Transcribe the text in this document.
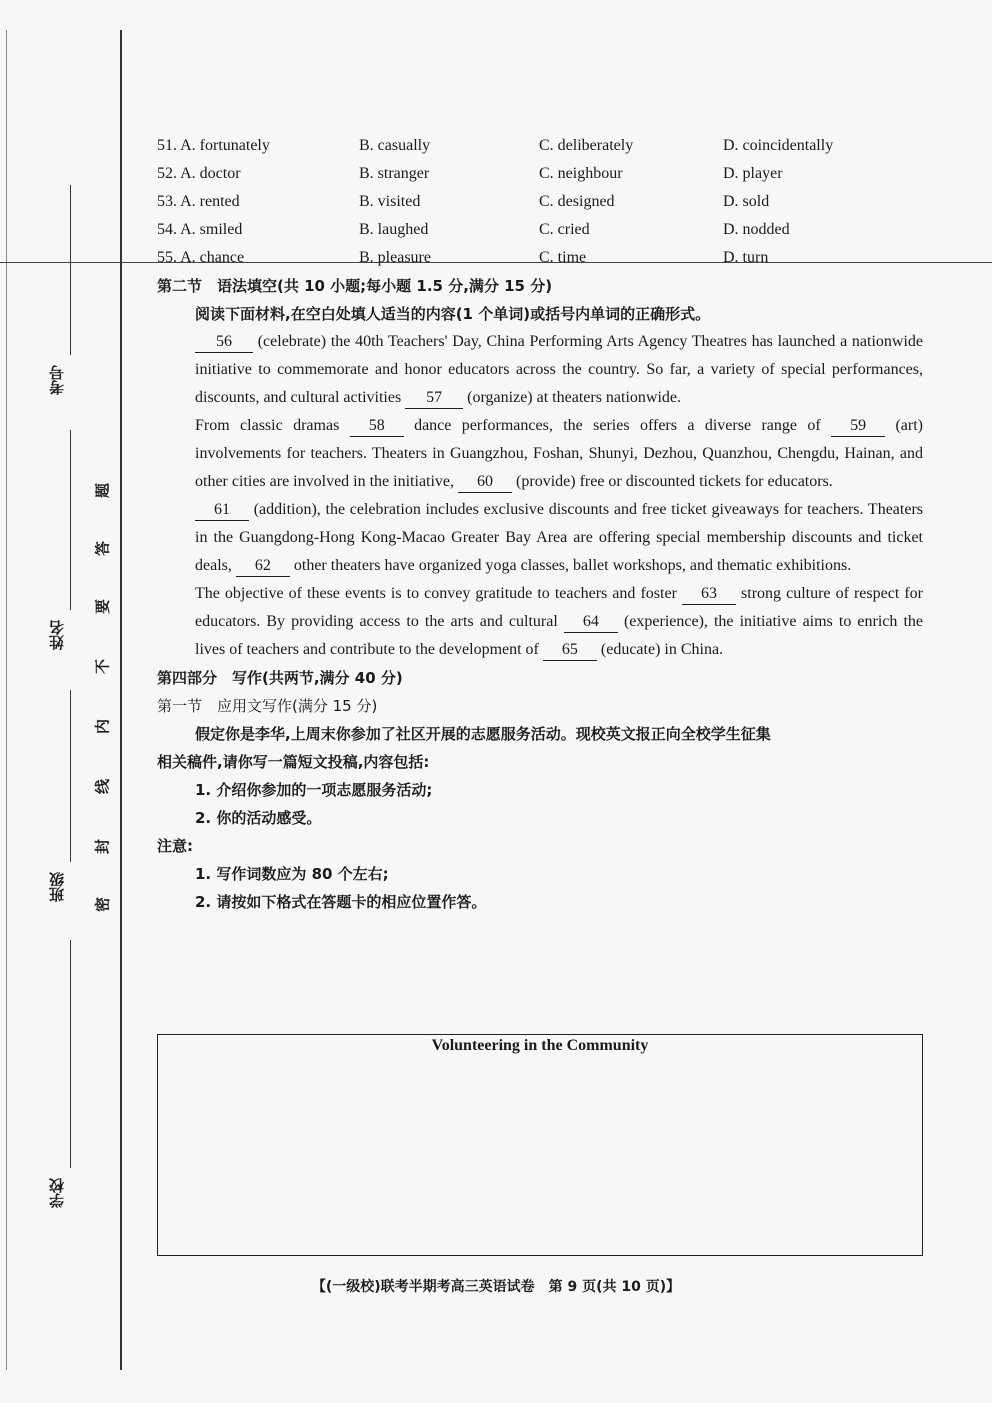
考号
姓名
班级
学校
题
答
要
不
内
线
封
密
51. A. fortunately	B. casually	C. deliberately	D. coincidentally
52. A. doctor	B. stranger	C. neighbour	D. player
53. A. rented	B. visited	C. designed	D. sold
54. A. smiled	B. laughed	C. cried	D. nodded
55. A. chance	B. pleasure	C. time	D. turn
第二节　语法填空(共 10 小题;每小题 1.5 分,满分 15 分)
阅读下面材料,在空白处填人适当的内容(1 个单词)或括号内单词的正确形式。

56 (celebrate) the 40th Teachers' Day, China Performing Arts Agency Theatres has launched a nationwide initiative to commemorate and honor educators across the country. So far, a variety of special performances, discounts, and cultural activities 57 (organize) at theaters nationwide.

From classic dramas 58 dance performances, the series offers a diverse range of 59 (art) involvements for teachers. Theaters in Guangzhou, Foshan, Shunyi, Dezhou, Quanzhou, Chengdu, Hainan, and other cities are involved in the initiative, 60 (provide) free or discounted tickets for educators.

61 (addition), the celebration includes exclusive discounts and free ticket giveaways for teachers. Theaters in the Guangdong-Hong Kong-Macao Greater Bay Area are offering special membership discounts and ticket deals, 62 other theaters have organized yoga classes, ballet workshops, and thematic exhibitions.

The objective of these events is to convey gratitude to teachers and foster 63 strong culture of respect for educators. By providing access to the arts and cultural 64 (experience), the initiative aims to enrich the lives of teachers and contribute to the development of 65 (educate) in China.

第四部分　写作(共两节,满分 40 分)
第一节　应用文写作(满分 15 分)
假定你是李华,上周末你参加了社区开展的志愿服务活动。现校英文报正向全校学生征集
相关稿件,请你写一篇短文投稿,内容包括:
1. 介绍你参加的一项志愿服务活动;
2. 你的活动感受。
注意:
1. 写作词数应为 80 个左右;
2. 请按如下格式在答题卡的相应位置作答。
Volunteering in the Community
【(一级校)联考半期考高三英语试卷　第 9 页(共 10 页)】
